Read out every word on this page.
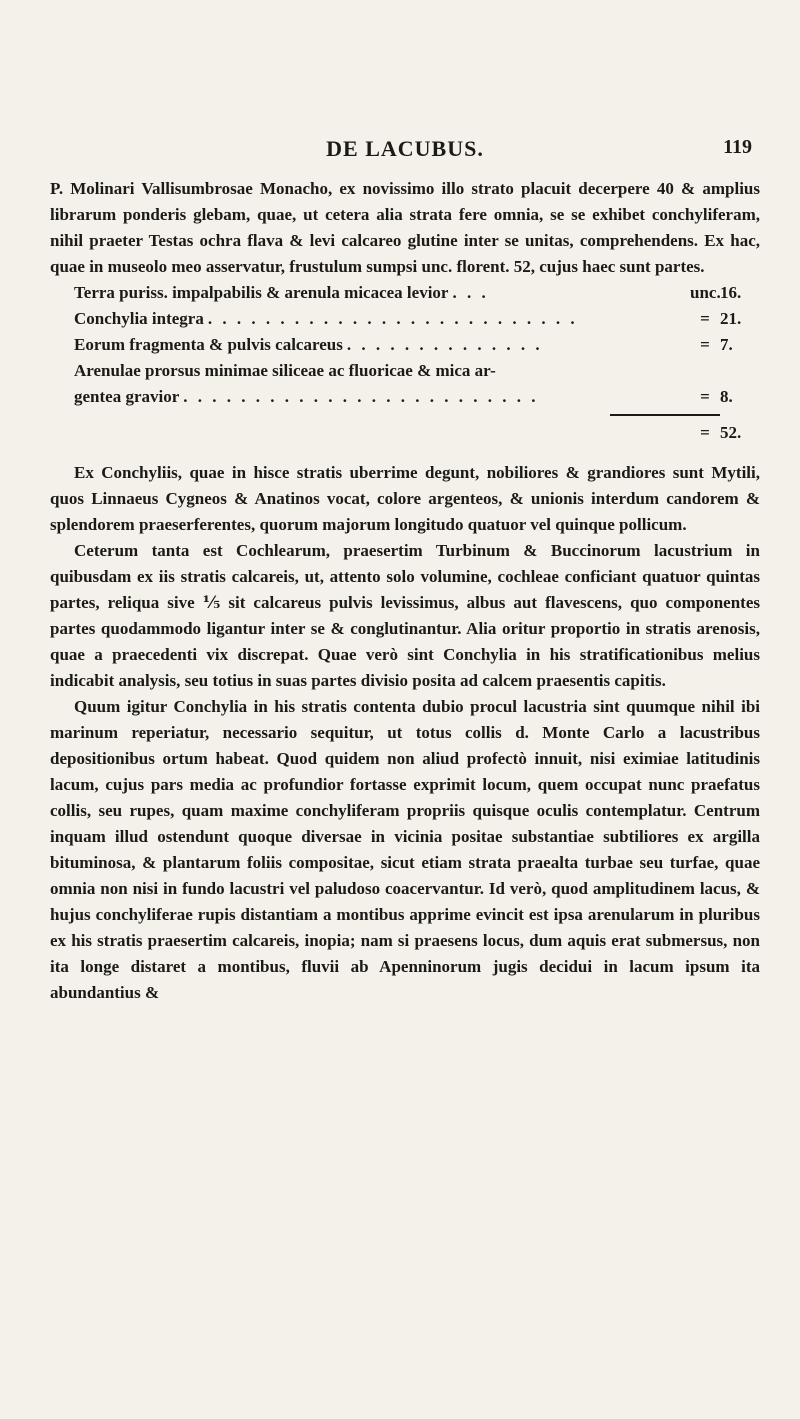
DE LACUBUS.	119

P. Molinari Vallisumbrosae Monacho, ex novissimo illo strato placuit decerpere 40 & amplius librarum ponderis glebam, quae, ut cetera alia strata fere omnia, se se exhibet conchyliferam, nihil praeter Testas ochra flava & levi calcareo glutine inter se unitas, comprehendens. Ex hac, quae in museolo meo asservatur, frustulum sumpsi unc. florent. 52, cujus haec sunt partes.

Terra puriss. impalpabilis & arenula micacea levior . . .	unc. 16.
Conchylia integra . . . . . . . . . . . . . . . . . . . . . . . . . .	= 21.
Eorum fragmenta & pulvis calcareus . . . . . . . . . . . . . .	= 7.
Arenulae prorsus minimae siliceae ac fluoricae & mica ar-
gentea gravior . . . . . . . . . . . . . . . . . . . . . . . . .	= 8.
= 52.

Ex Conchyliis, quae in hisce stratis uberrime degunt, nobiliores & grandiores sunt Mytili, quos Linnaeus Cygneos & Anatinos vocat, colore argenteos, & unionis interdum candorem & splendorem praeserferentes, quorum majorum longitudo quatuor vel quinque pollicum.

Ceterum tanta est Cochlearum, praesertim Turbinum & Buccinorum lacustrium in quibusdam ex iis stratis calcareis, ut, attento solo volumine, cochleae conficiant quatuor quintas partes, reliqua sive ⅕ sit calcareus pulvis levissimus, albus aut flavescens, quo componentes partes quodammodo ligantur inter se & conglutinantur. Alia oritur proportio in stratis arenosis, quae a praecedenti vix discrepat. Quae verò sint Conchylia in his stratificationibus melius indicabit analysis, seu totius in suas partes divisio posita ad calcem praesentis capitis.

Quum igitur Conchylia in his stratis contenta dubio procul lacustria sint quumque nihil ibi marinum reperiatur, necessario sequitur, ut totus collis d. Monte Carlo a lacustribus depositionibus ortum habeat. Quod quidem non aliud profectò innuit, nisi eximiae latitudinis lacum, cujus pars media ac profundior fortasse exprimit locum, quem occupat nunc praefatus collis, seu rupes, quam maxime conchyliferam propriis quisque oculis contemplatur. Centrum inquam illud ostendunt quoque diversae in vicinia positae substantiae subtiliores ex argilla bituminosa, & plantarum foliis compositae, sicut etiam strata praealta turbae seu turfae, quae omnia non nisi in fundo lacustri vel paludoso coacervantur. Id verò, quod amplitudinem lacus, & hujus conchyliferae rupis distantiam a montibus apprime evincit est ipsa arenularum in pluribus ex his stratis praesertim calcareis, inopia; nam si praesens locus, dum aquis erat submersus, non ita longe distaret a montibus, fluvii ab Apenninorum jugis decidui in lacum ipsum ita abundantius &
